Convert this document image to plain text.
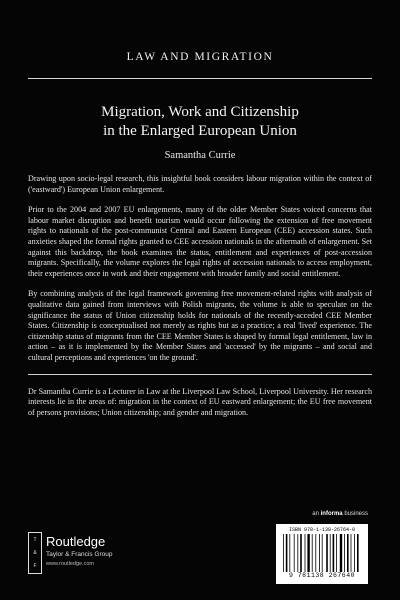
LAW AND MIGRATION
Migration, Work and Citizenship
in the Enlarged European Union
Samantha Currie

Drawing upon socio-legal research, this insightful book considers labour migration within the context of ('eastward') European Union enlargement.

Prior to the 2004 and 2007 EU enlargements, many of the older Member States voiced concerns that labour market disruption and benefit tourism would occur following the extension of free movement rights to nationals of the post-communist Central and Eastern European (CEE) accession states. Such anxieties shaped the formal rights granted to CEE accession nationals in the aftermath of enlargement. Set against this backdrop, the book examines the status, entitlement and experiences of post-accession migrants. Specifically, the volume explores the legal rights of accession nationals to access employment, their experiences once in work and their engagement with broader family and social entitlement.

By combining analysis of the legal framework governing free movement-related rights with analysis of qualitative data gained from interviews with Polish migrants, the volume is able to speculate on the significance the status of Union citizenship holds for nationals of the recently-acceded CEE Member States. Citizenship is conceptualised not merely as rights but as a practice; a real 'lived' experience. The citizenship status of migrants from the CEE Member States is shaped by formal legal entitlement, law in action – as it is implemented by the Member States and 'accessed' by the migrants – and social and cultural perceptions and experiences 'on the ground'.

Dr Samantha Currie is a Lecturer in Law at the Liverpool Law School, Liverpool University. Her research interests lie in the areas of: migration in the context of EU eastward enlargement; the EU free movement of persons provisions; Union citizenship; and gender and migration.

T
&
F
Routledge
Taylor & Francis Group
www.routledge.com
an informa business
ISBN 978-1-138-26764-0
9 781138 267640
